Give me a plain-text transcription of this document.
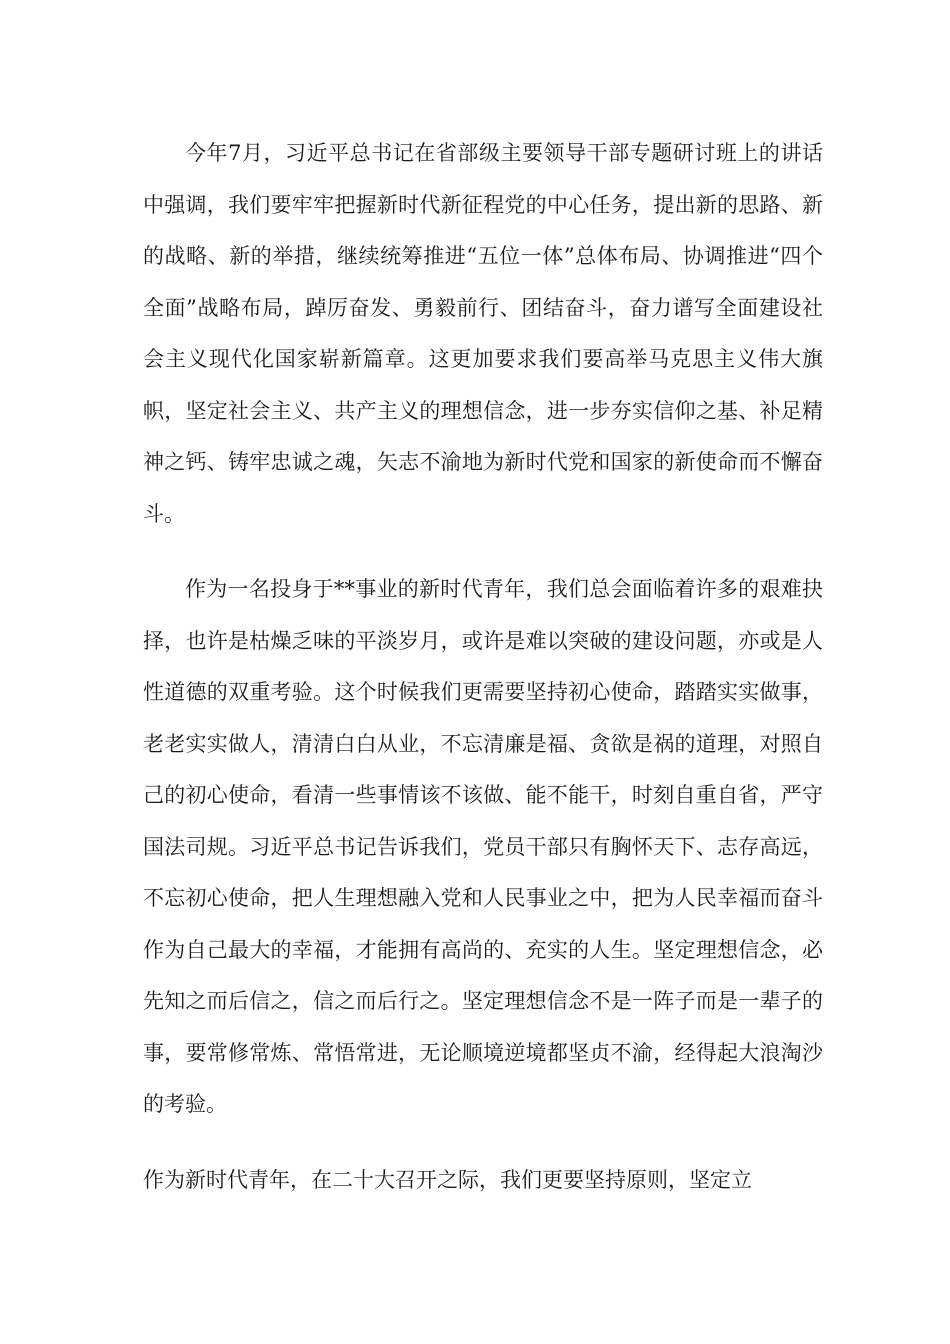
今年7月，习近平总书记在省部级主要领导干部专题研讨班上的讲话中强调，我们要牢牢把握新时代新征程党的中心任务，提出新的思路、新的战略、新的举措，继续统筹推进“五位一体”总体布局、协调推进“四个全面”战略布局，踔厉奋发、勇毅前行、团结奋斗，奋力谱写全面建设社会主义现代化国家崭新篇章。这更加要求我们要高举马克思主义伟大旗帜，坚定社会主义、共产主义的理想信念，进一步夯实信仰之基、补足精神之钙、铸牢忠诚之魂，矢志不渝地为新时代党和国家的新使命而不懈奋斗。

作为一名投身于**事业的新时代青年，我们总会面临着许多的艰难抉择，也许是枯燥乏味的平淡岁月，或许是难以突破的建设问题，亦或是人性道德的双重考验。这个时候我们更需要坚持初心使命，踏踏实实做事，老老实实做人，清清白白从业，不忘清廉是福、贪欲是祸的道理，对照自己的初心使命，看清一些事情该不该做、能不能干，时刻自重自省，严守国法司规。习近平总书记告诉我们，党员干部只有胸怀天下、志存高远，不忘初心使命，把人生理想融入党和人民事业之中，把为人民幸福而奋斗作为自己最大的幸福，才能拥有高尚的、充实的人生。坚定理想信念，必先知之而后信之，信之而后行之。坚定理想信念不是一阵子而是一辈子的事，要常修常炼、常悟常进，无论顺境逆境都坚贞不渝，经得起大浪淘沙的考验。

作为新时代青年，在二十大召开之际，我们更要坚持原则，坚定立
